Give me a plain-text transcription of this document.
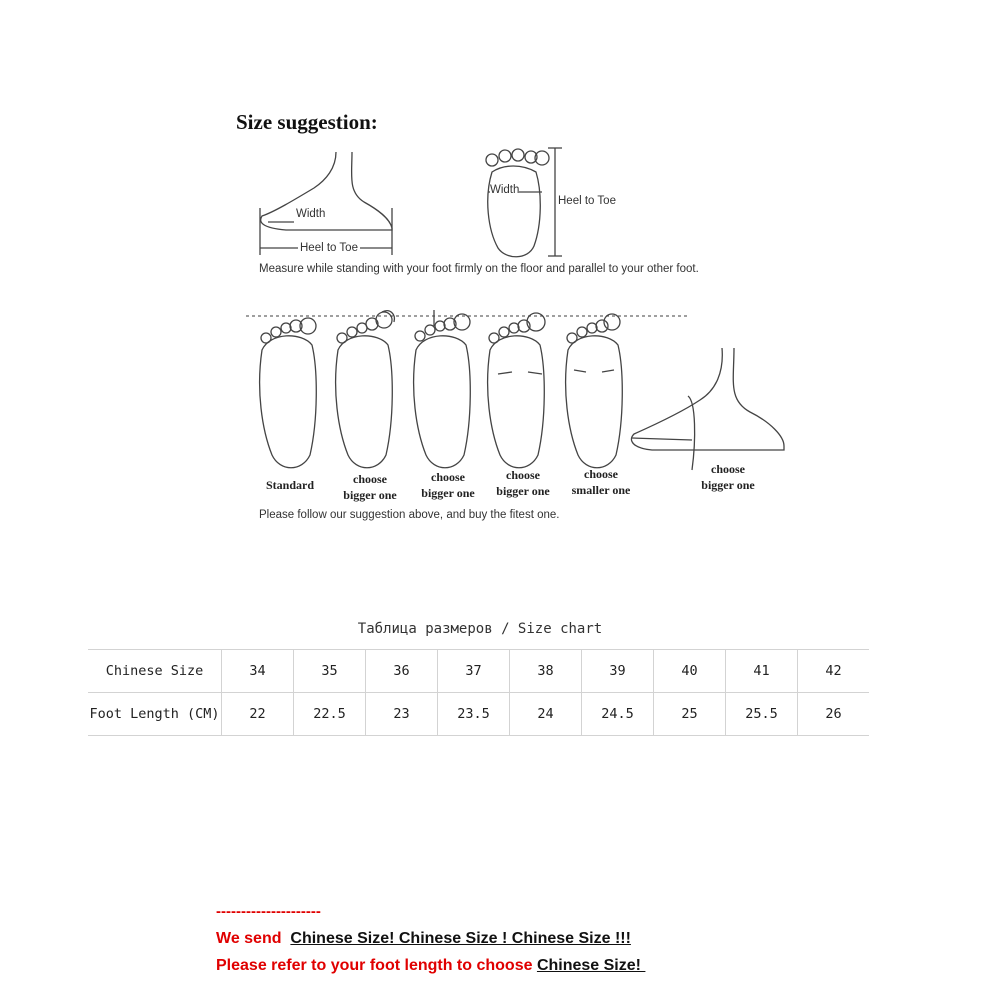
Size suggestion:
Width
Heel to Toe
Width
Heel to Toe
Measure while standing with your foot firmly on the floor and parallel to your other foot.
Standard	choose
bigger one
choose
bigger one
choose
bigger one
choose
smaller one
choose
bigger one
Please follow our suggestion above, and buy the fitest one.
Таблица размеров / Size chart
Chinese Size	34	35	36	37	38	39	40	41	42
Foot Length (CM)	22	22.5	23	23.5	24	24.5	25	25.5	26
---------------------
We send  Chinese Size! Chinese Size ! Chinese Size !!!
Please refer to your foot length to choose Chinese Size!
